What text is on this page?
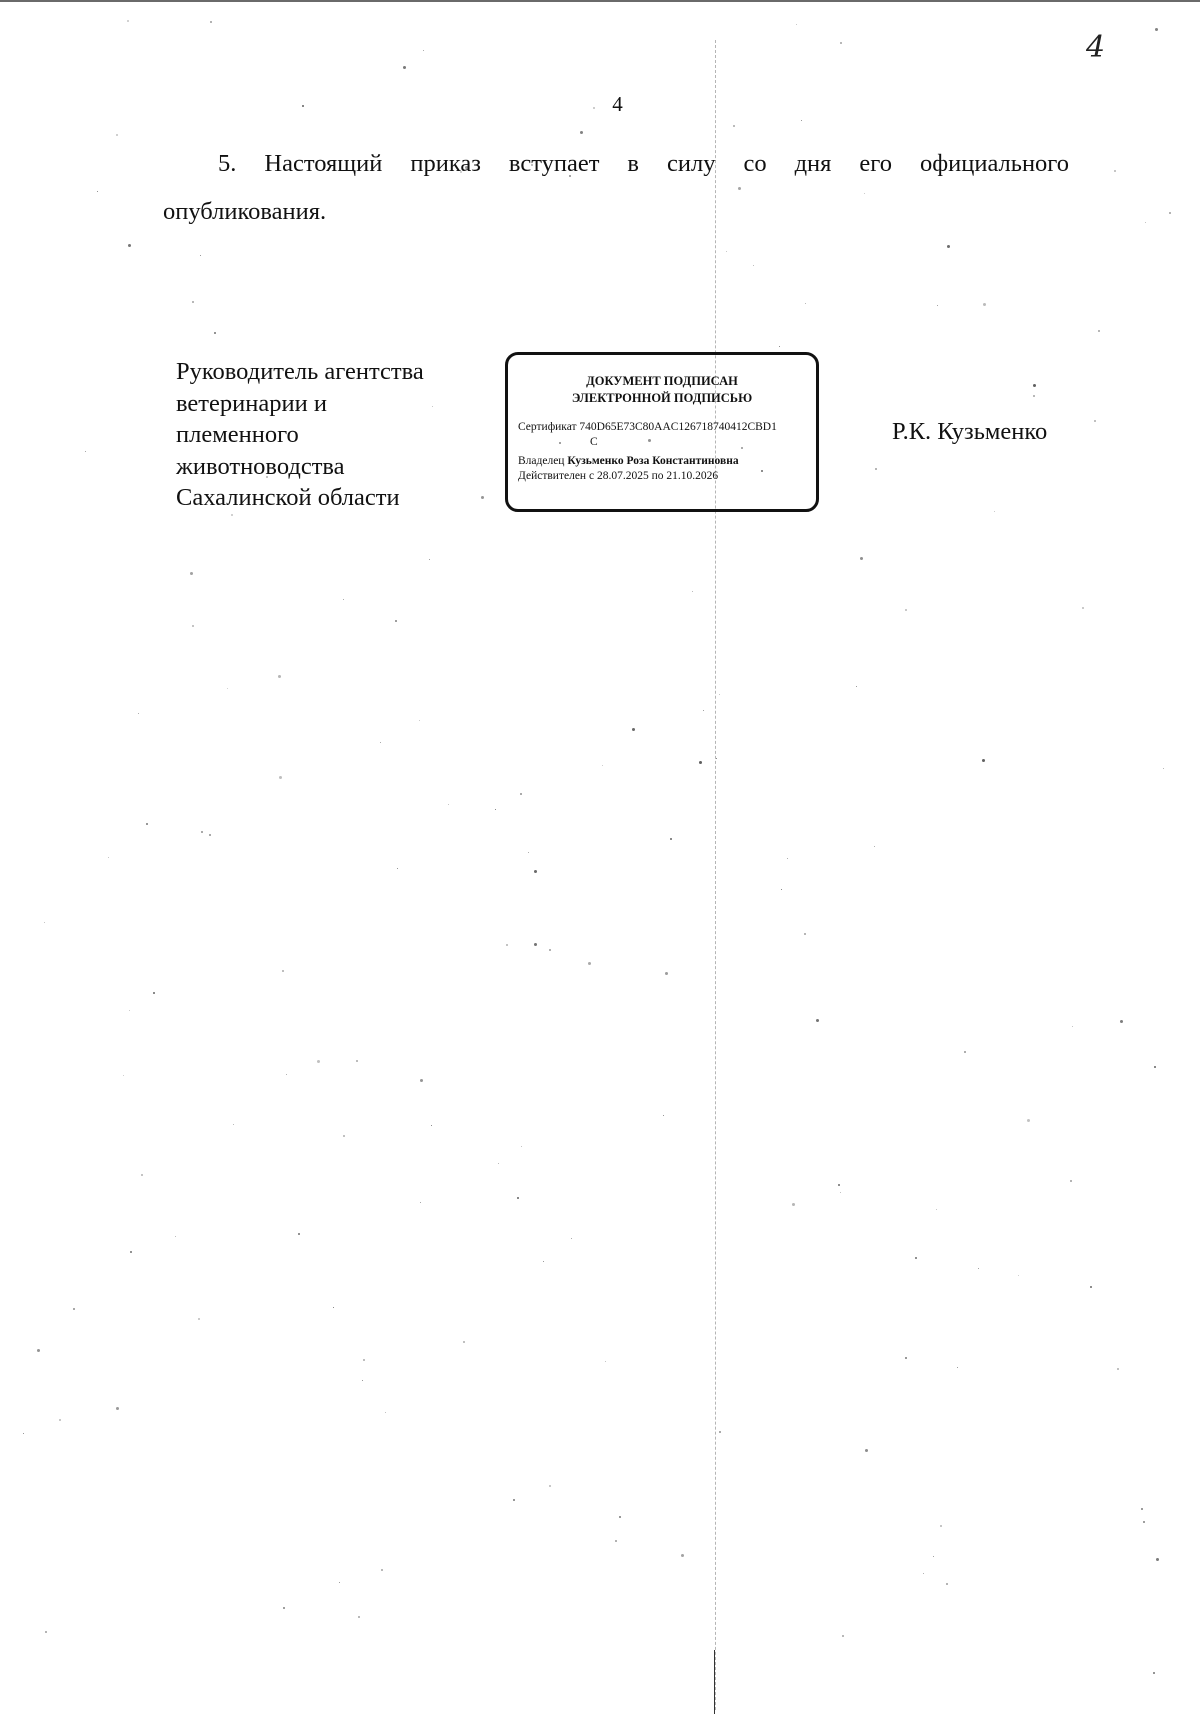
4
4
5. Настоящий приказ вступает в силу со дня его официального
опубликования.
Руководитель агентства
ветеринарии и
племенного
животноводства
Сахалинской области
ДОКУМЕНТ ПОДПИСАН
ЭЛЕКТРОННОЙ ПОДПИСЬЮ
Сертификат 740D65E73C80AAC126718740412CBD1
C
Владелец Кузьменко Роза Константиновна
Действителен с 28.07.2025 по 21.10.2026
Р.К. Кузьменко
